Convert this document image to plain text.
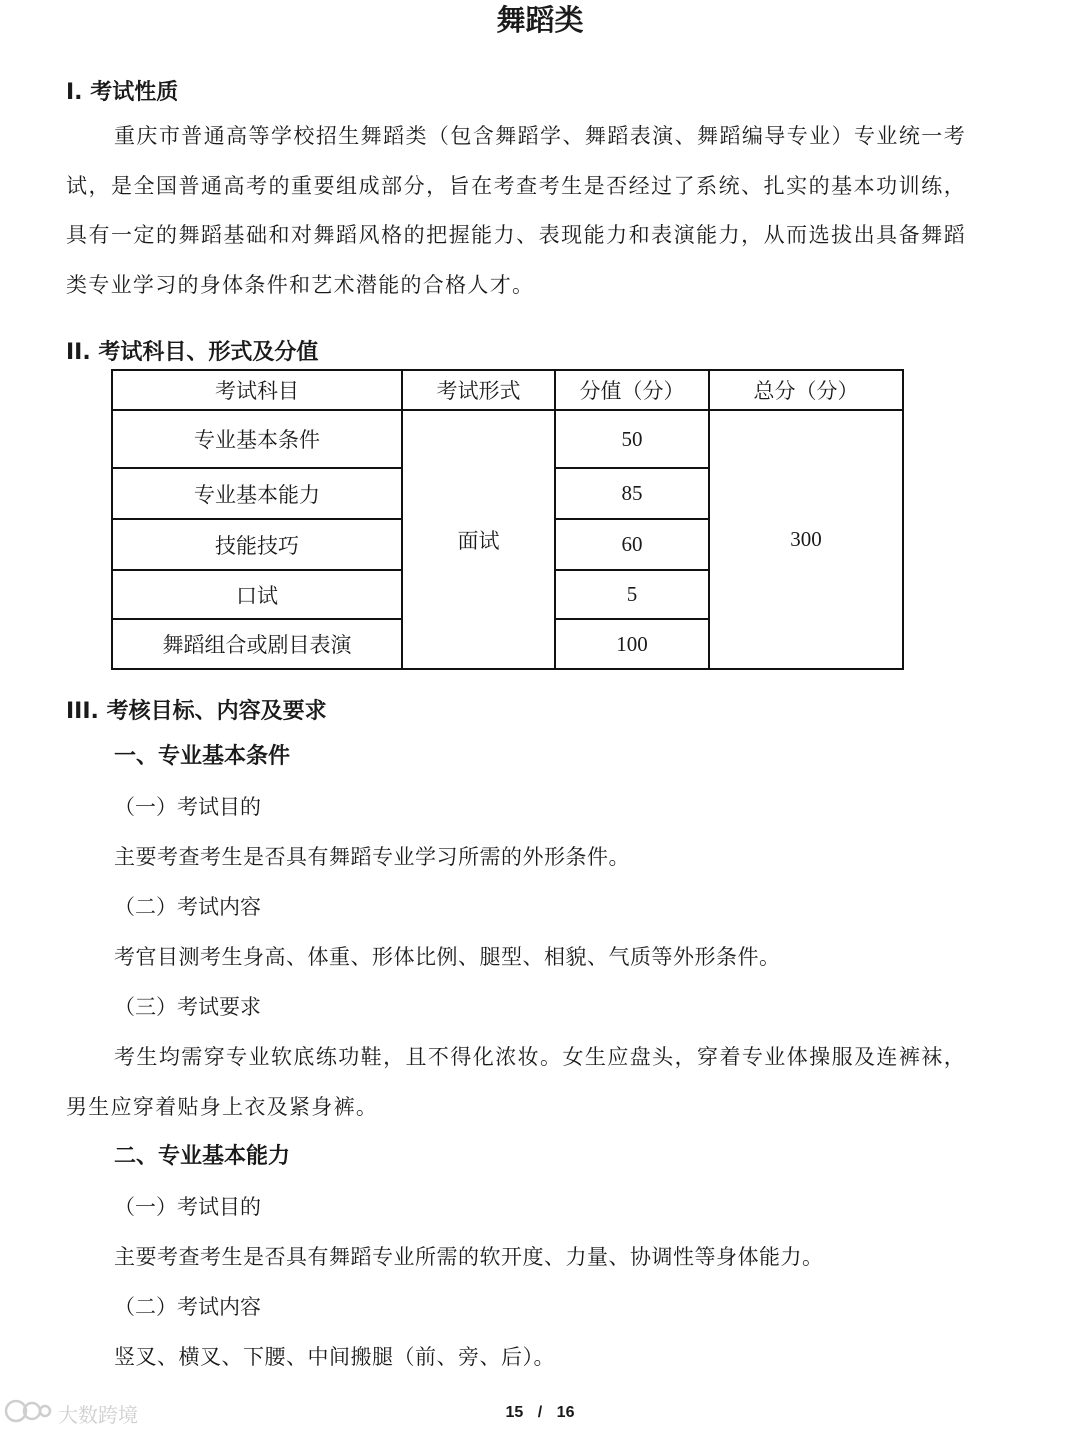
舞蹈类
I. 考试性质
重庆市普通高等学校招生舞蹈类（包含舞蹈学、舞蹈表演、舞蹈编导专业）专业统一考试，是全国普通高考的重要组成部分，旨在考查考生是否经过了系统、扎实的基本功训练，具有一定的舞蹈基础和对舞蹈风格的把握能力、表现能力和表演能力，从而选拔出具备舞蹈类专业学习的身体条件和艺术潜能的合格人才。
II. 考试科目、形式及分值
考试科目	考试形式	分值（分）	总分（分）
专业基本条件	面试	50	300
专业基本能力		85	
技能技巧		60	
口试		5	
舞蹈组合或剧目表演		100	
III. 考核目标、内容及要求
一、专业基本条件
（一）考试目的
主要考查考生是否具有舞蹈专业学习所需的外形条件。
（二）考试内容
考官目测考生身高、体重、形体比例、腿型、相貌、气质等外形条件。
（三）考试要求
考生均需穿专业软底练功鞋，且不得化浓妆。女生应盘头，穿着专业体操服及连裤袜，男生应穿着贴身上衣及紧身裤。
二、专业基本能力
（一）考试目的
主要考查考生是否具有舞蹈专业所需的软开度、力量、协调性等身体能力。
（二）考试内容
竖叉、横叉、下腰、中间搬腿（前、旁、后）。
大数跨境	15 / 16
